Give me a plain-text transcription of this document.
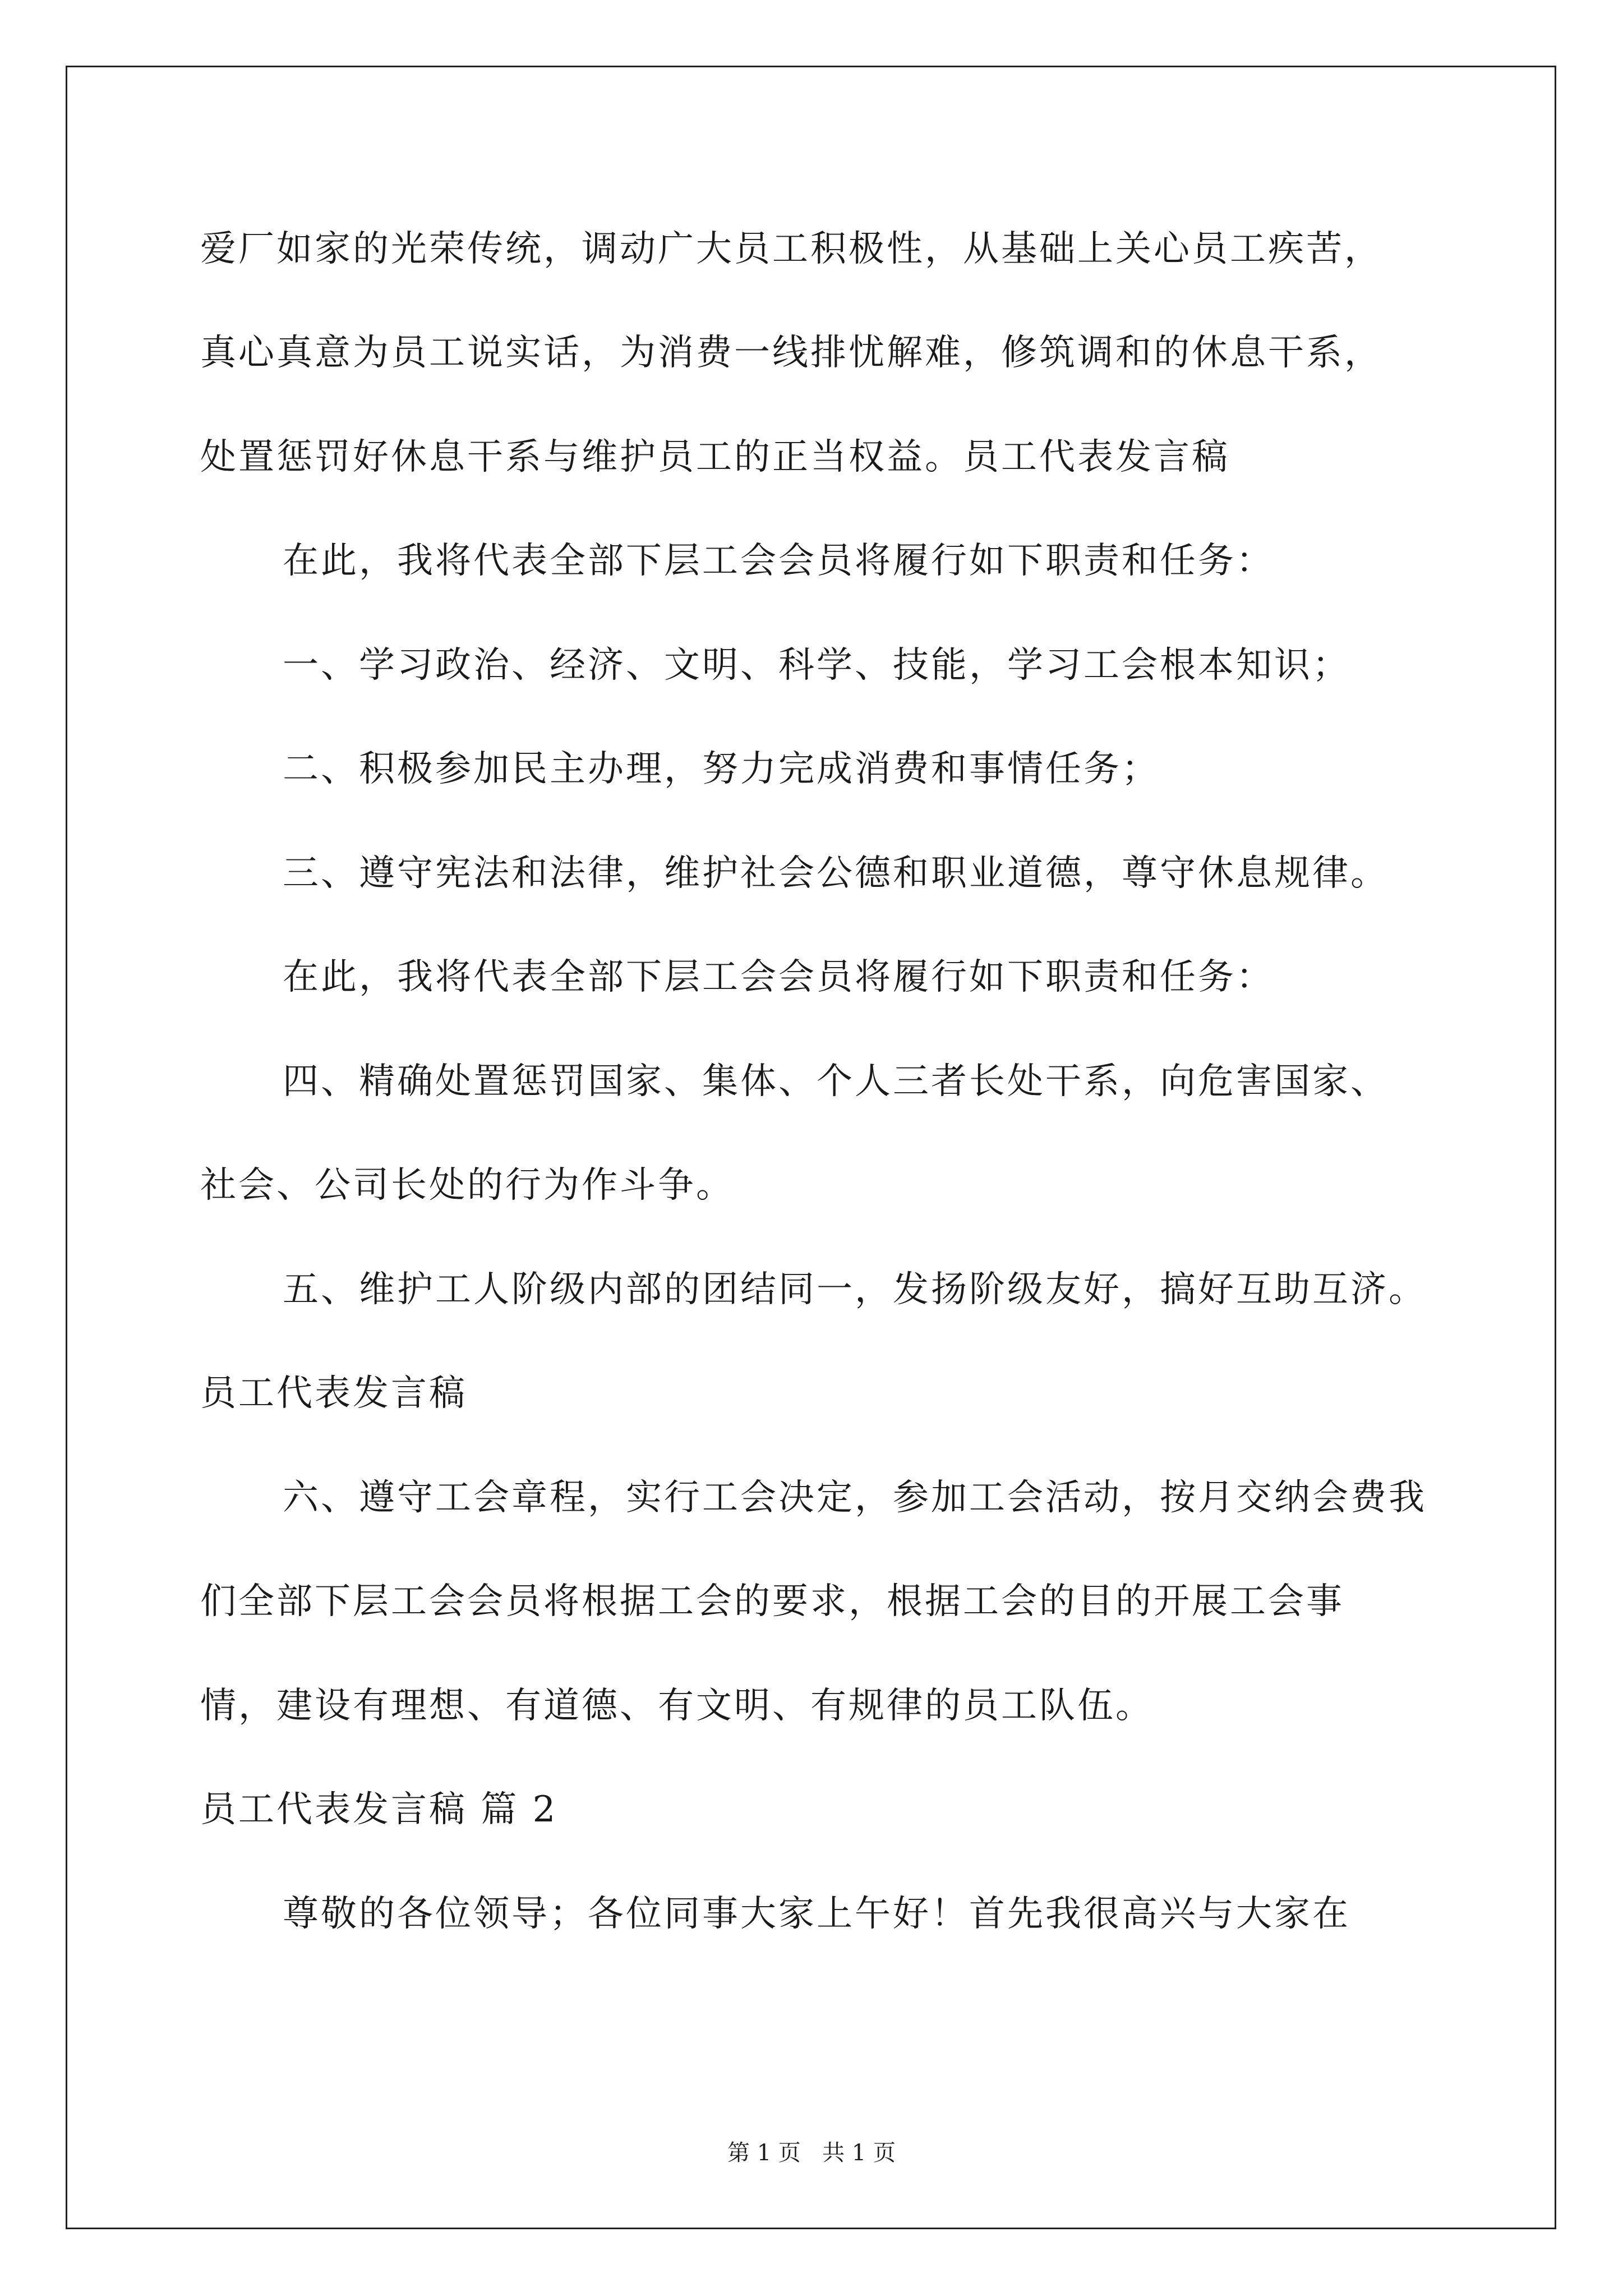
爱厂如家的光荣传统，调动广大员工积极性，从基础上关心员工疾苦，
真心真意为员工说实话，为消费一线排忧解难，修筑调和的休息干系，
处置惩罚好休息干系与维护员工的正当权益。员工代表发言稿
在此，我将代表全部下层工会会员将履行如下职责和任务：
一、学习政治、经济、文明、科学、技能，学习工会根本知识；
二、积极参加民主办理，努力完成消费和事情任务；
三、遵守宪法和法律，维护社会公德和职业道德，尊守休息规律。
在此，我将代表全部下层工会会员将履行如下职责和任务：
四、精确处置惩罚国家、集体、个人三者长处干系，向危害国家、
社会、公司长处的行为作斗争。
五、维护工人阶级内部的团结同一，发扬阶级友好，搞好互助互济。
员工代表发言稿
六、遵守工会章程，实行工会决定，参加工会活动，按月交纳会费我
们全部下层工会会员将根据工会的要求，根据工会的目的开展工会事
情，建设有理想、有道德、有文明、有规律的员工队伍。
员工代表发言稿 篇 2
尊敬的各位领导；各位同事大家上午好！首先我很高兴与大家在
第 1 页   共 1 页
